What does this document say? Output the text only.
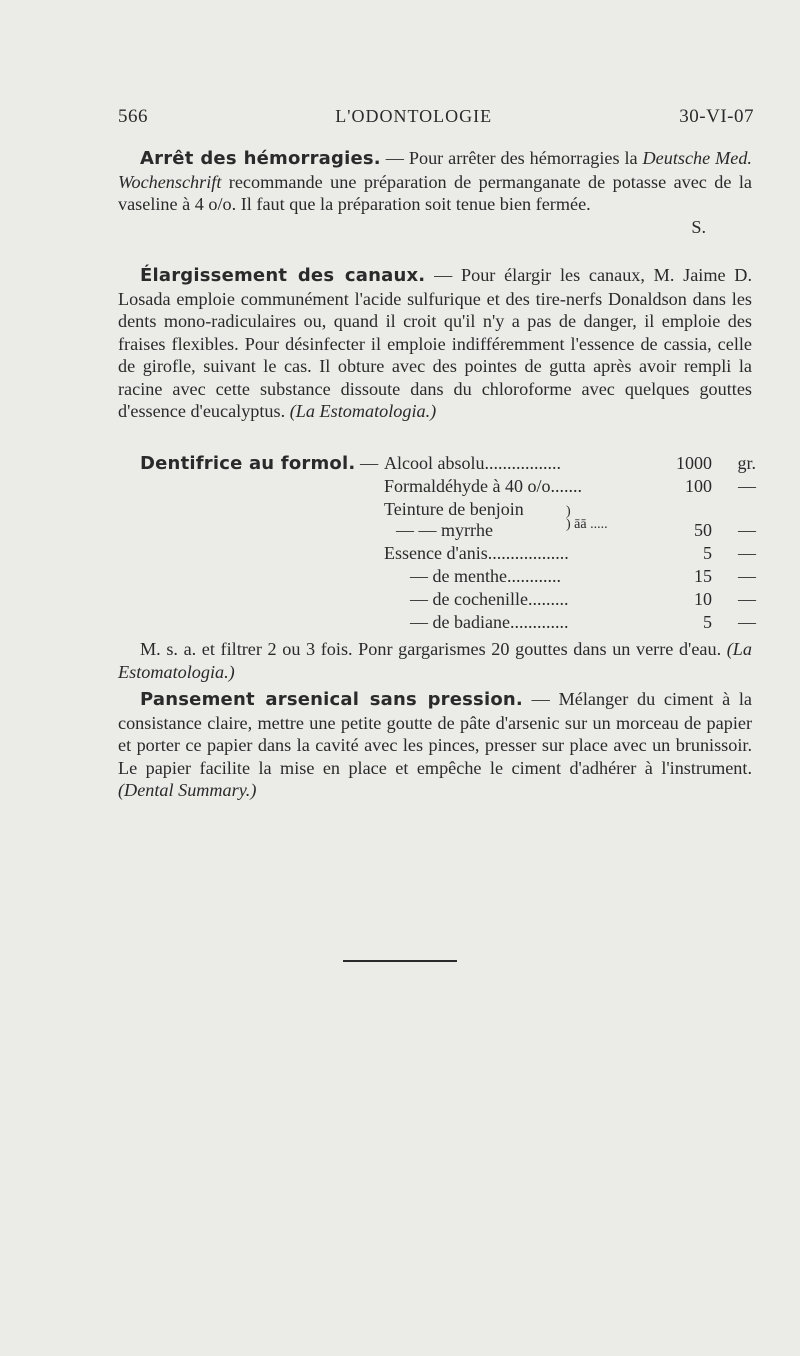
566	L'ODONTOLOGIE	30-VI-07

Arrêt des hémorragies. — Pour arrêter des hémorragies la Deutsche Med. Wochenschrift recommande une préparation de permanganate de potasse avec de la vaseline à 4 o/o. Il faut que la préparation soit tenue bien fermée.

S.

Élargissement des canaux. — Pour élargir les canaux, M. Jaime D. Losada emploie communément l'acide sulfurique et des tire-nerfs Donaldson dans les dents mono-radiculaires ou, quand il croit qu'il n'y a pas de danger, il emploie des fraises flexibles. Pour désinfecter il emploie indifféremment l'essence de cassia, celle de girofle, suivant le cas. Il obture avec des pointes de gutta après avoir rempli la racine avec cette substance dissoute dans du chloroforme avec quelques gouttes d'essence d'eucalyptus. (La Estomatologia.)

Dentifrice au formol. — Alcool absolu.................	1000	gr.
Formaldéhyde à 40 o/o.......	100	—
Teinture de benjoin
— — myrrhe	50	—
)
) āā .....
Essence d'anis..................	5	—
— de menthe............	15	—
— de cochenille.........	10	—
— de badiane.............	5	—

M. s. a. et filtrer 2 ou 3 fois. Ponr gargarismes 20 gouttes dans un verre d'eau. (La Estomatologia.)

Pansement arsenical sans pression. — Mélanger du ciment à la consistance claire, mettre une petite goutte de pâte d'arsenic sur un morceau de papier et porter ce papier dans la cavité avec les pinces, presser sur place avec un brunissoir. Le papier facilite la mise en place et empêche le ciment d'adhérer à l'instrument. (Dental Summary.)
